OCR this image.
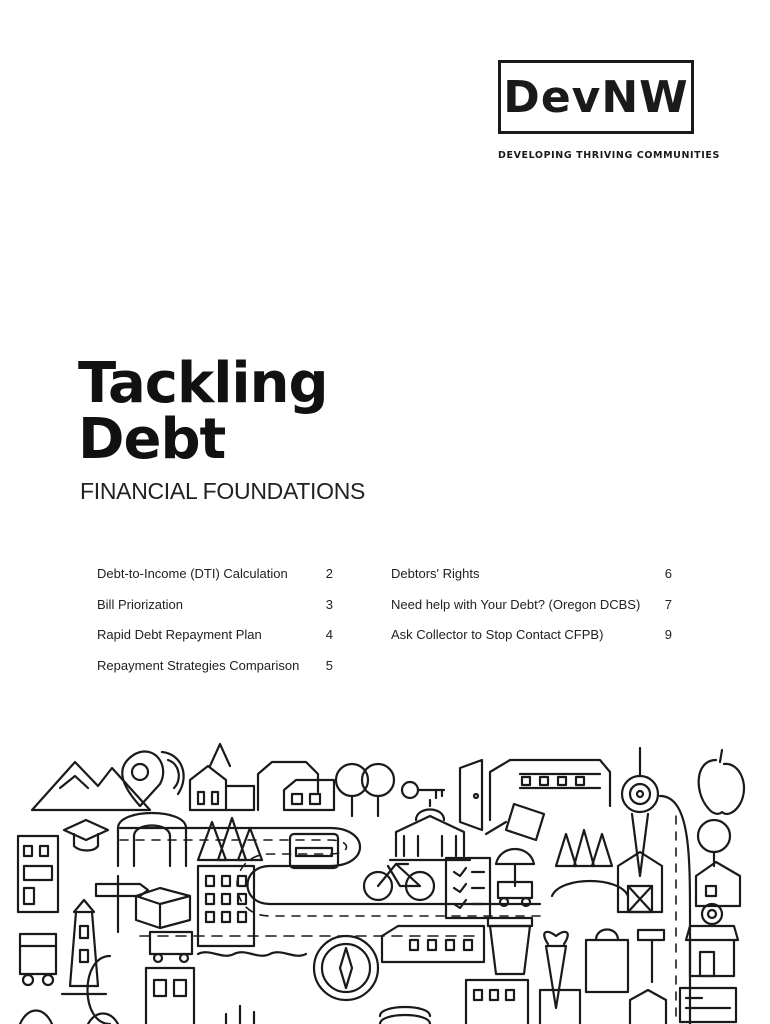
DevNW
DEVELOPING THRIVING COMMUNITIES
Tackling
Debt
FINANCIAL FOUNDATIONS
Debt-to-Income (DTI) Calculation	2
Bill Priorization	3
Rapid Debt Repayment Plan	4
Repayment Strategies Comparison 5
Debtors' Rights	6
Need help with Your Debt? (Oregon DCBS) 7
Ask Collector to Stop Contact CFPB)	9
